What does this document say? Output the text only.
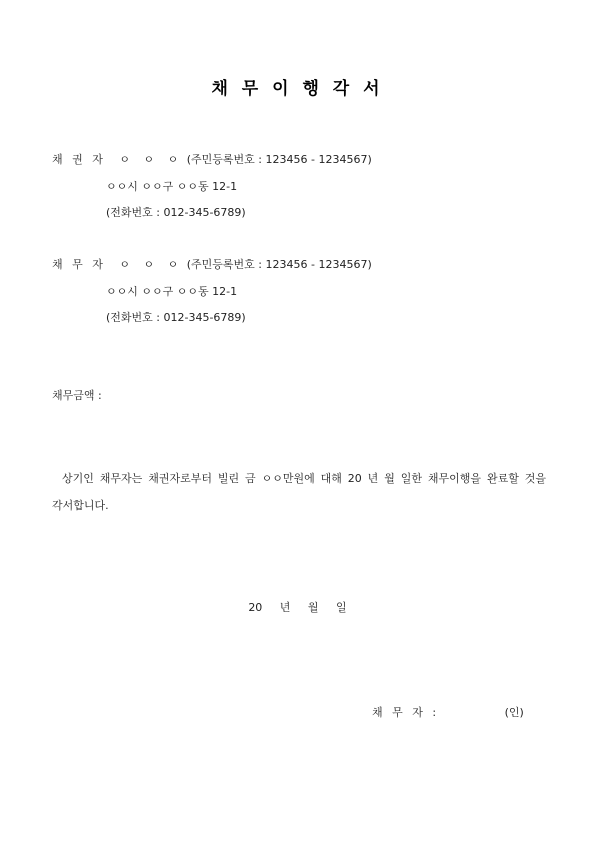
채 무 이 행 각 서
채 권 자 ㅇ ㅇ ㅇ (주민등록번호 : 123456 - 1234567)
ㅇㅇ시 ㅇㅇ구 ㅇㅇ동 12-1
(전화번호 : 012-345-6789)
채 무 자 ㅇ ㅇ ㅇ (주민등록번호 : 123456 - 1234567)
ㅇㅇ시 ㅇㅇ구 ㅇㅇ동 12-1
(전화번호 : 012-345-6789)
채무금액 :
상기인 채무자는 채권자로부터 빌린 금 ㅇㅇ만원에 대해 20 년 월 일한 채무이행을 완료할 것을 각서합니다.
20 년 월 일
채 무 자 :	(인)
